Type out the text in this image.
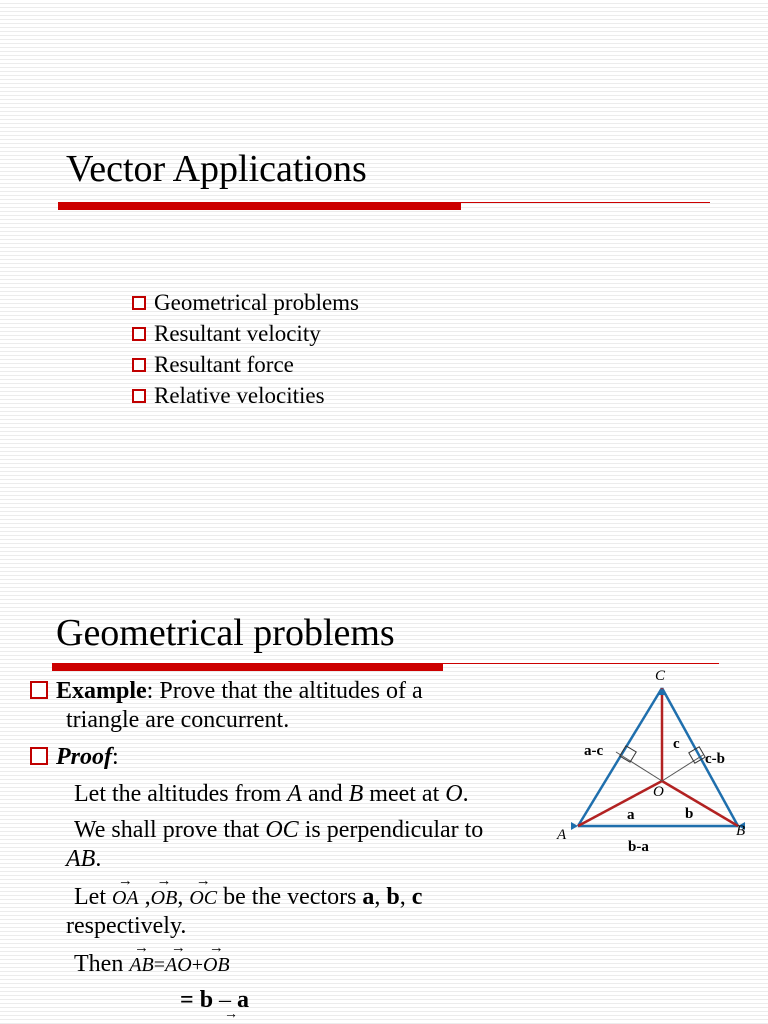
Vector Applications
Geometrical problems
Resultant velocity
Resultant force
Relative velocities
Geometrical problems
Example: Prove that the altitudes of a
triangle are concurrent.
Proof:
Let the altitudes from A and B meet at O.
We shall prove that OC is perpendicular to
AB.
Let
→
OA ,
→
OB,
→
OC be the vectors a, b, c
respectively.
Then
→
AB=
→
AO+
→
OB
= b – a
→
C
A	B
O
a-c	c
c-b
a	b
b-a
